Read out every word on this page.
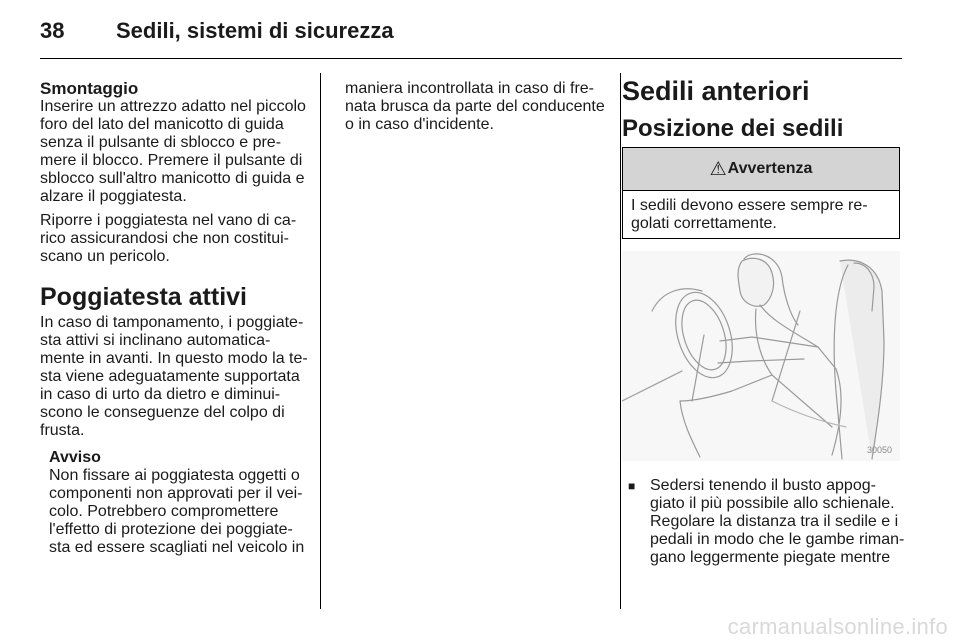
38 Sedili, sistemi di sicurezza

Smontaggio

Inserire un attrezzo adatto nel piccolo
foro del lato del manicotto di guida
senza il pulsante di sblocco e pre-
mere il blocco. Premere il pulsante di
sblocco sull'altro manicotto di guida e
alzare il poggiatesta.

Riporre i poggiatesta nel vano di ca-
rico assicurandosi che non costitui-
scano un pericolo.

Poggiatesta attivi

In caso di tamponamento, i poggiate-
sta attivi si inclinano automatica-
mente in avanti. In questo modo la te-
sta viene adeguatamente supportata
in caso di urto da dietro e diminui-
scono le conseguenze del colpo di
frusta.

Avviso
Non fissare ai poggiatesta oggetti o
componenti non approvati per il vei-
colo. Potrebbero compromettere
l'effetto di protezione dei poggiate-
sta ed essere scagliati nel veicolo in

maniera incontrollata in caso di fre-
nata brusca da parte del conducente
o in caso d'incidente.

Sedili anteriori

Posizione dei sedili

⚠ Avvertenza
I sedili devono essere sempre re-
golati correttamente.
30050
■ Sedersi tenendo il busto appog-
giato il più possibile allo schienale.
Regolare la distanza tra il sedile e i
pedali in modo che le gambe riman-
gano leggermente piegate mentre
carmanualsonline.info
